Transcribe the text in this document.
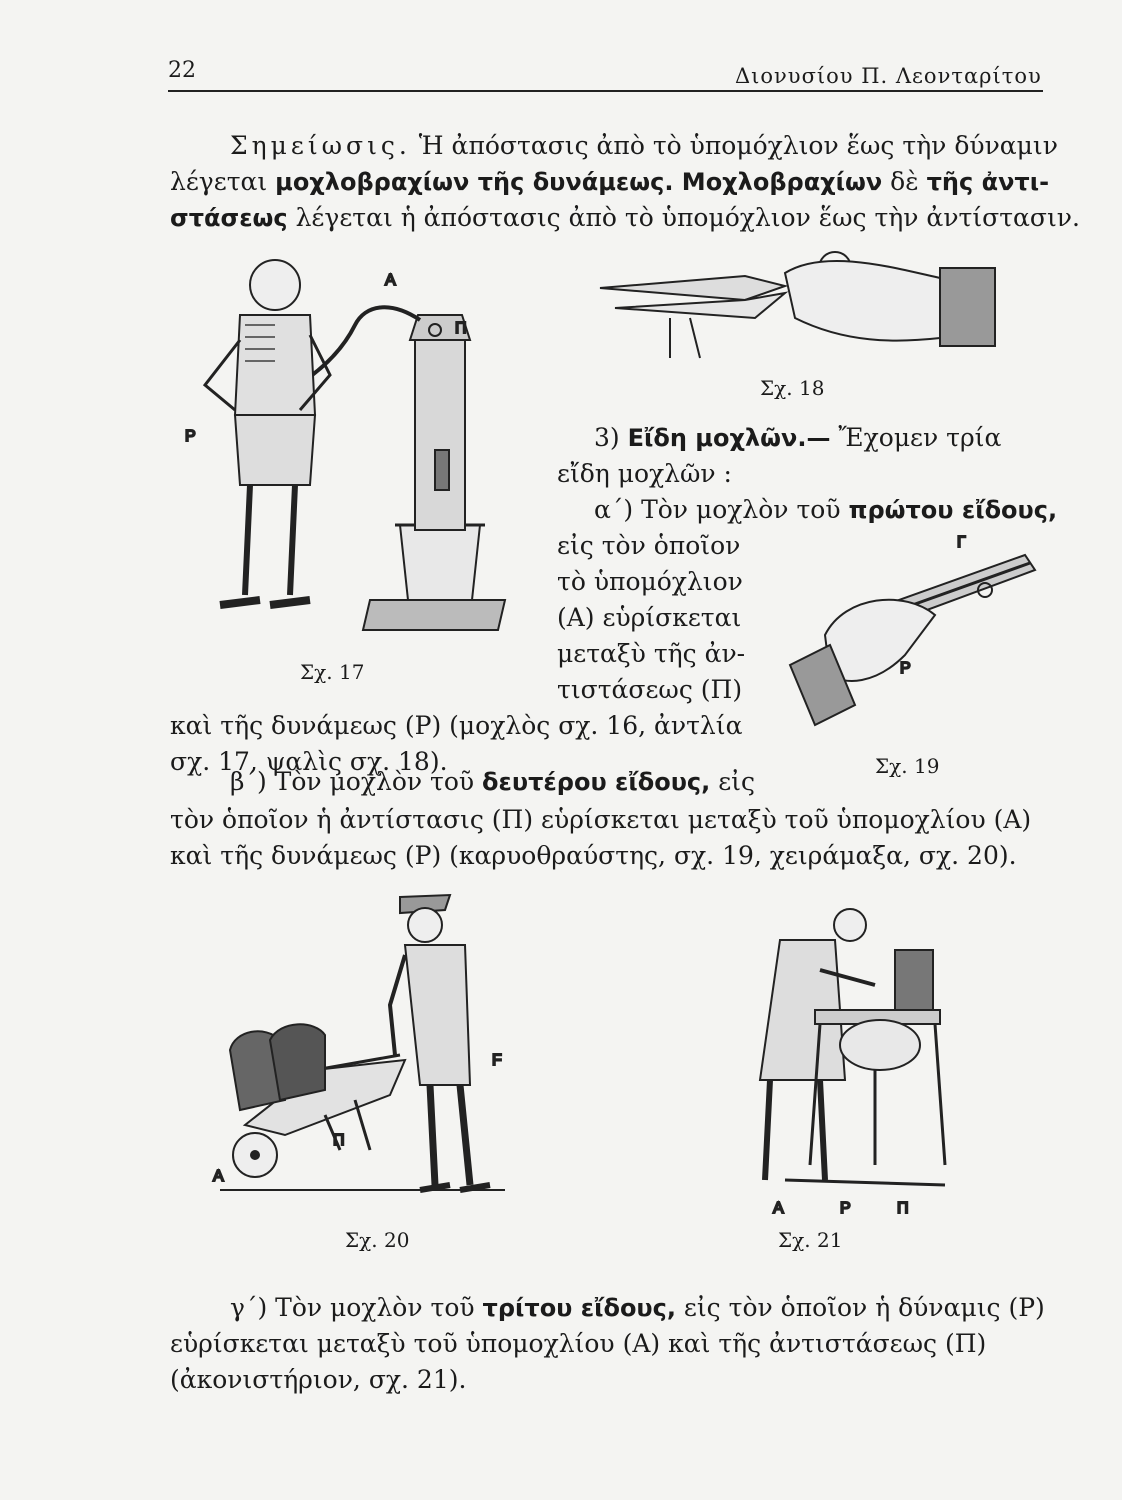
22	Διονυσίου Π. Λεονταρίτου
Σημείωσις. Ἡ ἀπόστασις ἀπὸ τὸ ὑπομόχλιον ἕως τὴν δύναμιν
λέγεται μοχλοβραχίων τῆς δυνάμεως. Μοχλοβραχίων δὲ τῆς ἀντι-
στάσεως λέγεται ἡ ἀπόστασις ἀπὸ τὸ ὑπομόχλιον ἕως τὴν ἀντίστασιν.
Α
Π
Ρ
Σχ. 17
Σχ. 18
3) Εἴδη μοχλῶν.— Ἔχομεν τρία
εἴδη μοχλῶν :
α΄) Τὸν μοχλὸν τοῦ πρώτου εἴδους,
εἰς τὸν ὁποῖον
τὸ ὑπομόχλιον
(Α) εὑρίσκεται
μεταξὺ τῆς ἀν-
τιστάσεως (Π)
καὶ τῆς δυνάμεως (Ρ) (μοχλὸς σχ. 16, ἀντλία
σχ. 17, ψαλὶς σχ. 18).
Γ
Ρ
Σχ. 19
β΄) Τὸν μοχλὸν τοῦ δευτέρου εἴδους, εἰς
τὸν ὁποῖον ἡ ἀντίστασις (Π) εὑρίσκεται μεταξὺ τοῦ ὑπομοχλίου (Α)
καὶ τῆς δυνάμεως (Ρ) (καρυοθραύστης, σχ. 19, χειράμαξα, σχ. 20).
Α
Π
F
Σχ. 20
Α	Ρ	Π
Σχ. 21
γ΄) Τὸν μοχλὸν τοῦ τρίτου εἴδους, εἰς τὸν ὁποῖον ἡ δύναμις (Ρ)
εὑρίσκεται μεταξὺ τοῦ ὑπομοχλίου (Α) καὶ τῆς ἀντιστάσεως (Π)
(ἀκονιστήριον, σχ. 21).
